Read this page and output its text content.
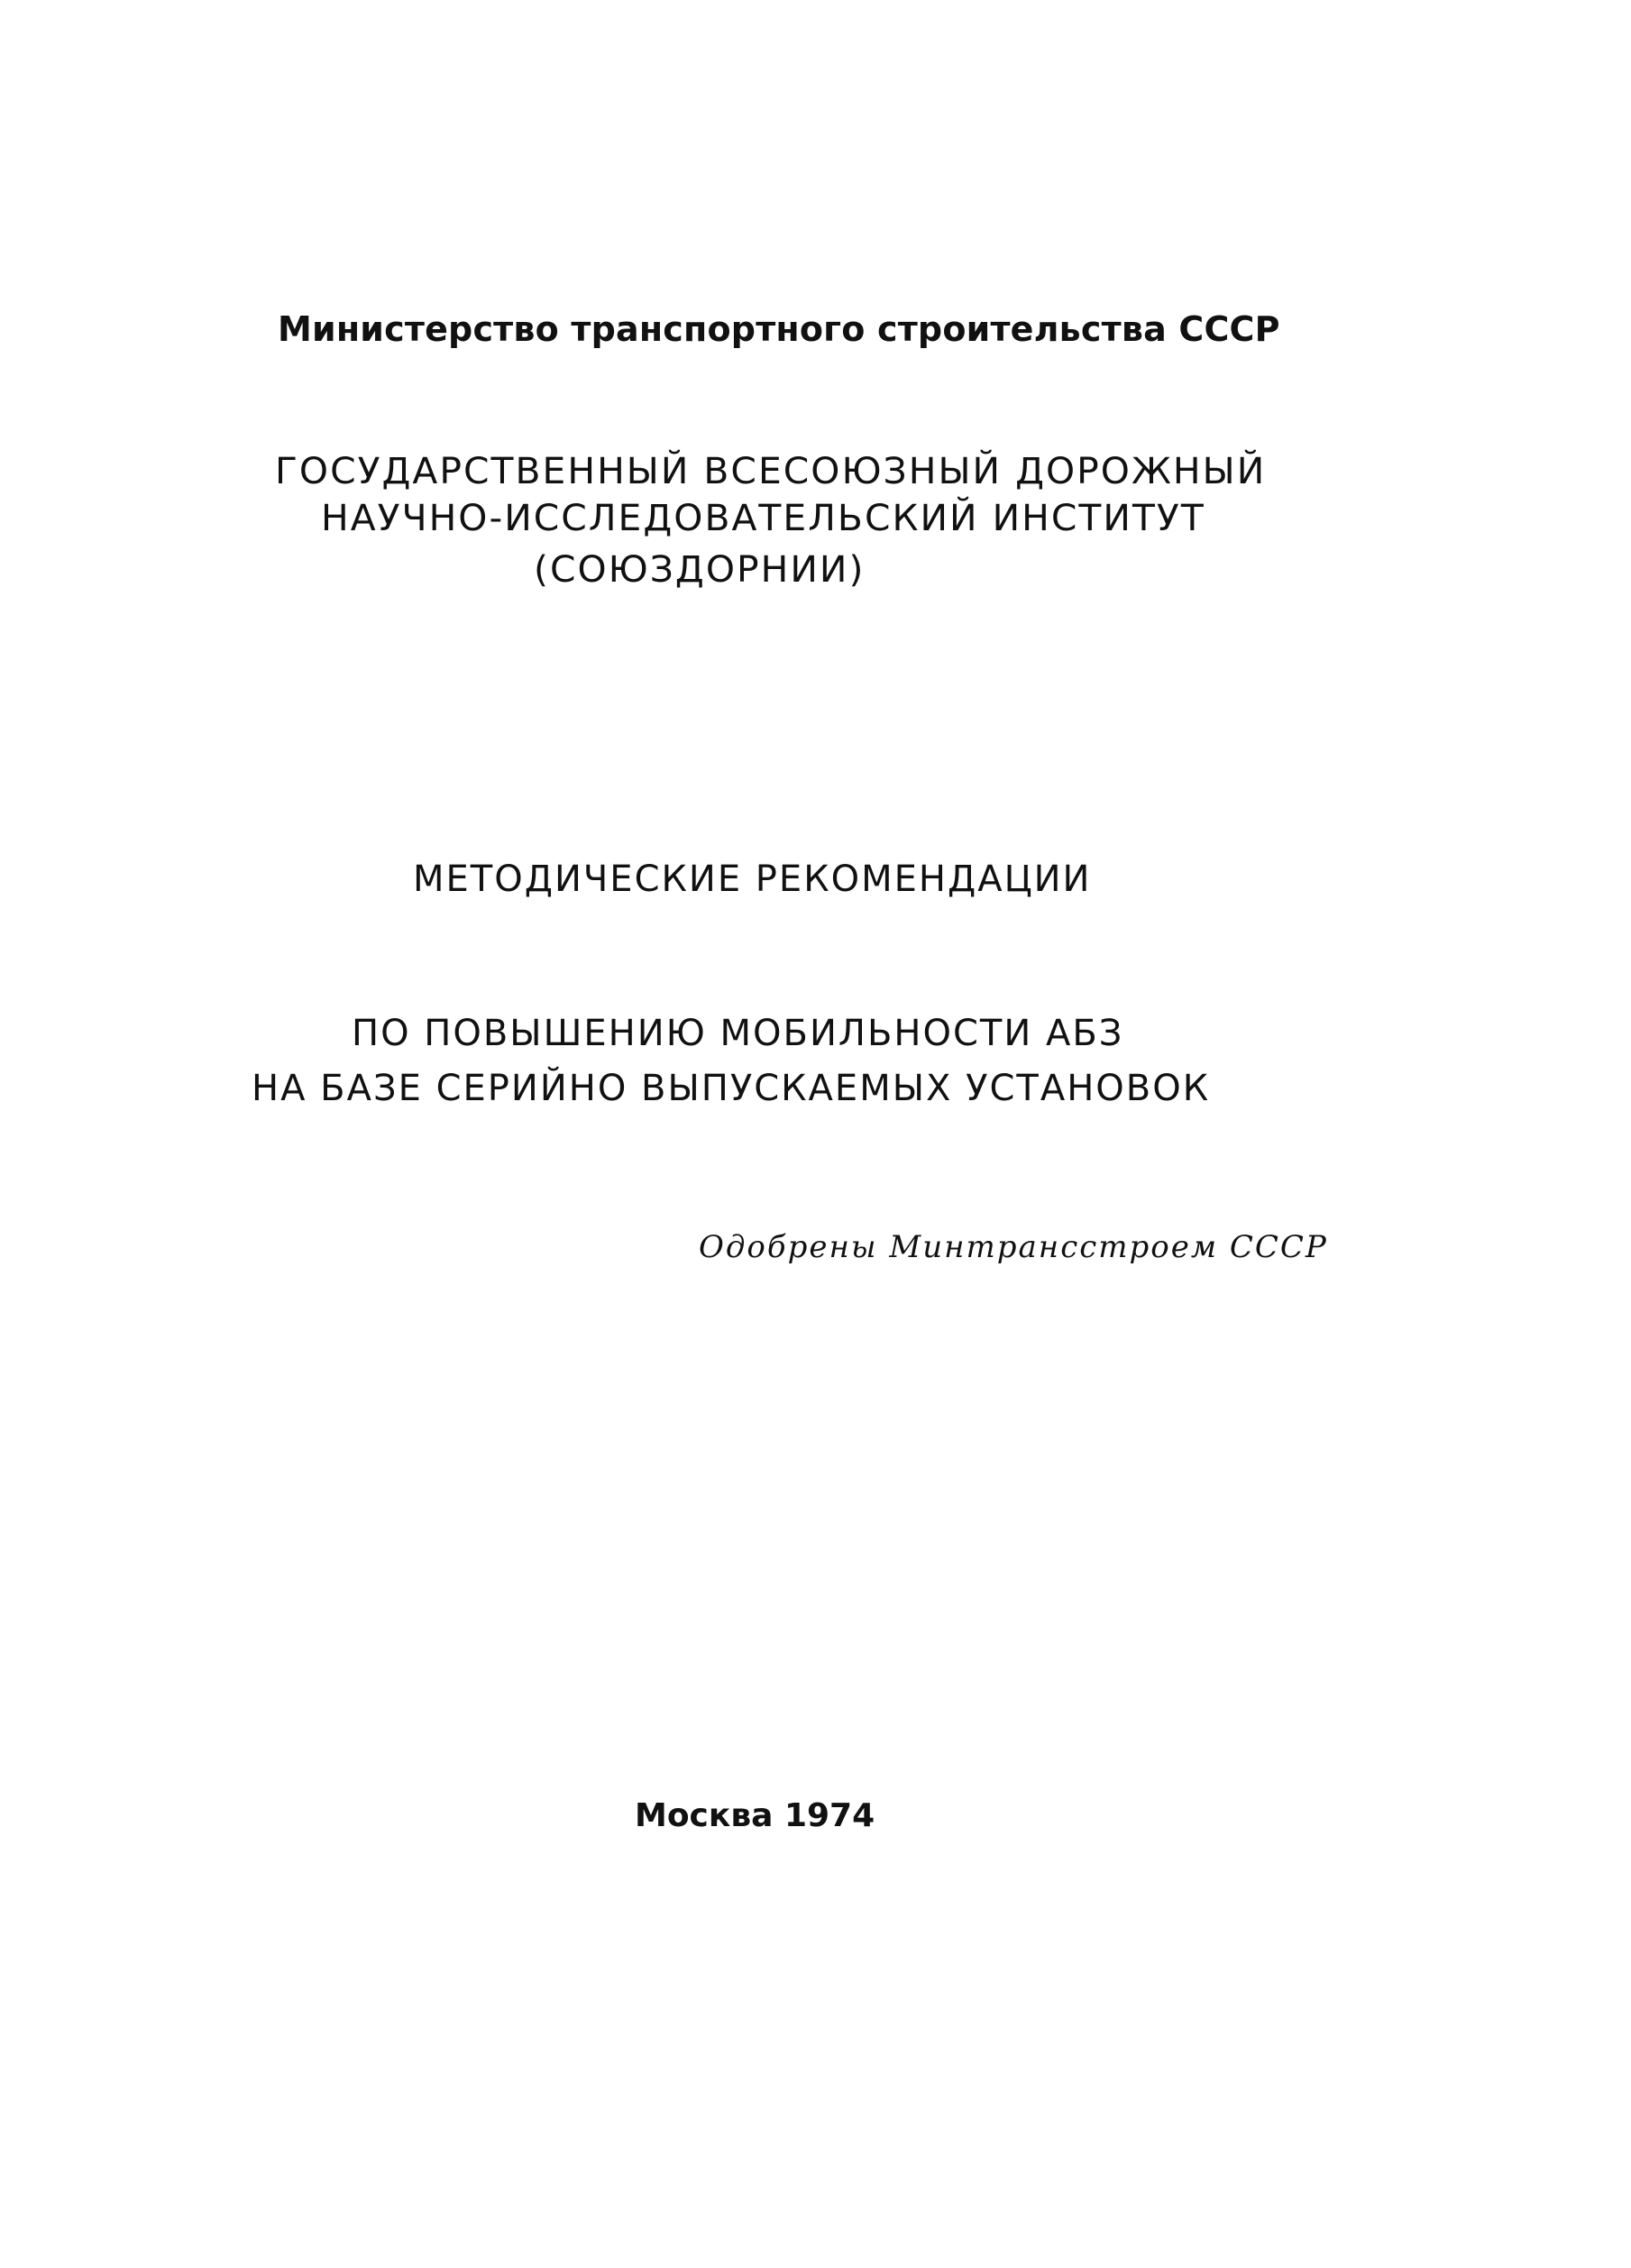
Министерство транспортного строительства СССР
ГОСУДАРСТВЕННЫЙ ВСЕСОЮЗНЫЙ ДОРОЖНЫЙ
НАУЧНО-ИССЛЕДОВАТЕЛЬСКИЙ ИНСТИТУТ
(СОЮЗДОРНИИ)
МЕТОДИЧЕСКИЕ РЕКОМЕНДАЦИИ
ПО ПОВЫШЕНИЮ МОБИЛЬНОСТИ АБЗ
НА БАЗЕ СЕРИЙНО ВЫПУСКАЕМЫХ УСТАНОВОК
Одобрены Минтрансстроем СССР
Москва 1974
